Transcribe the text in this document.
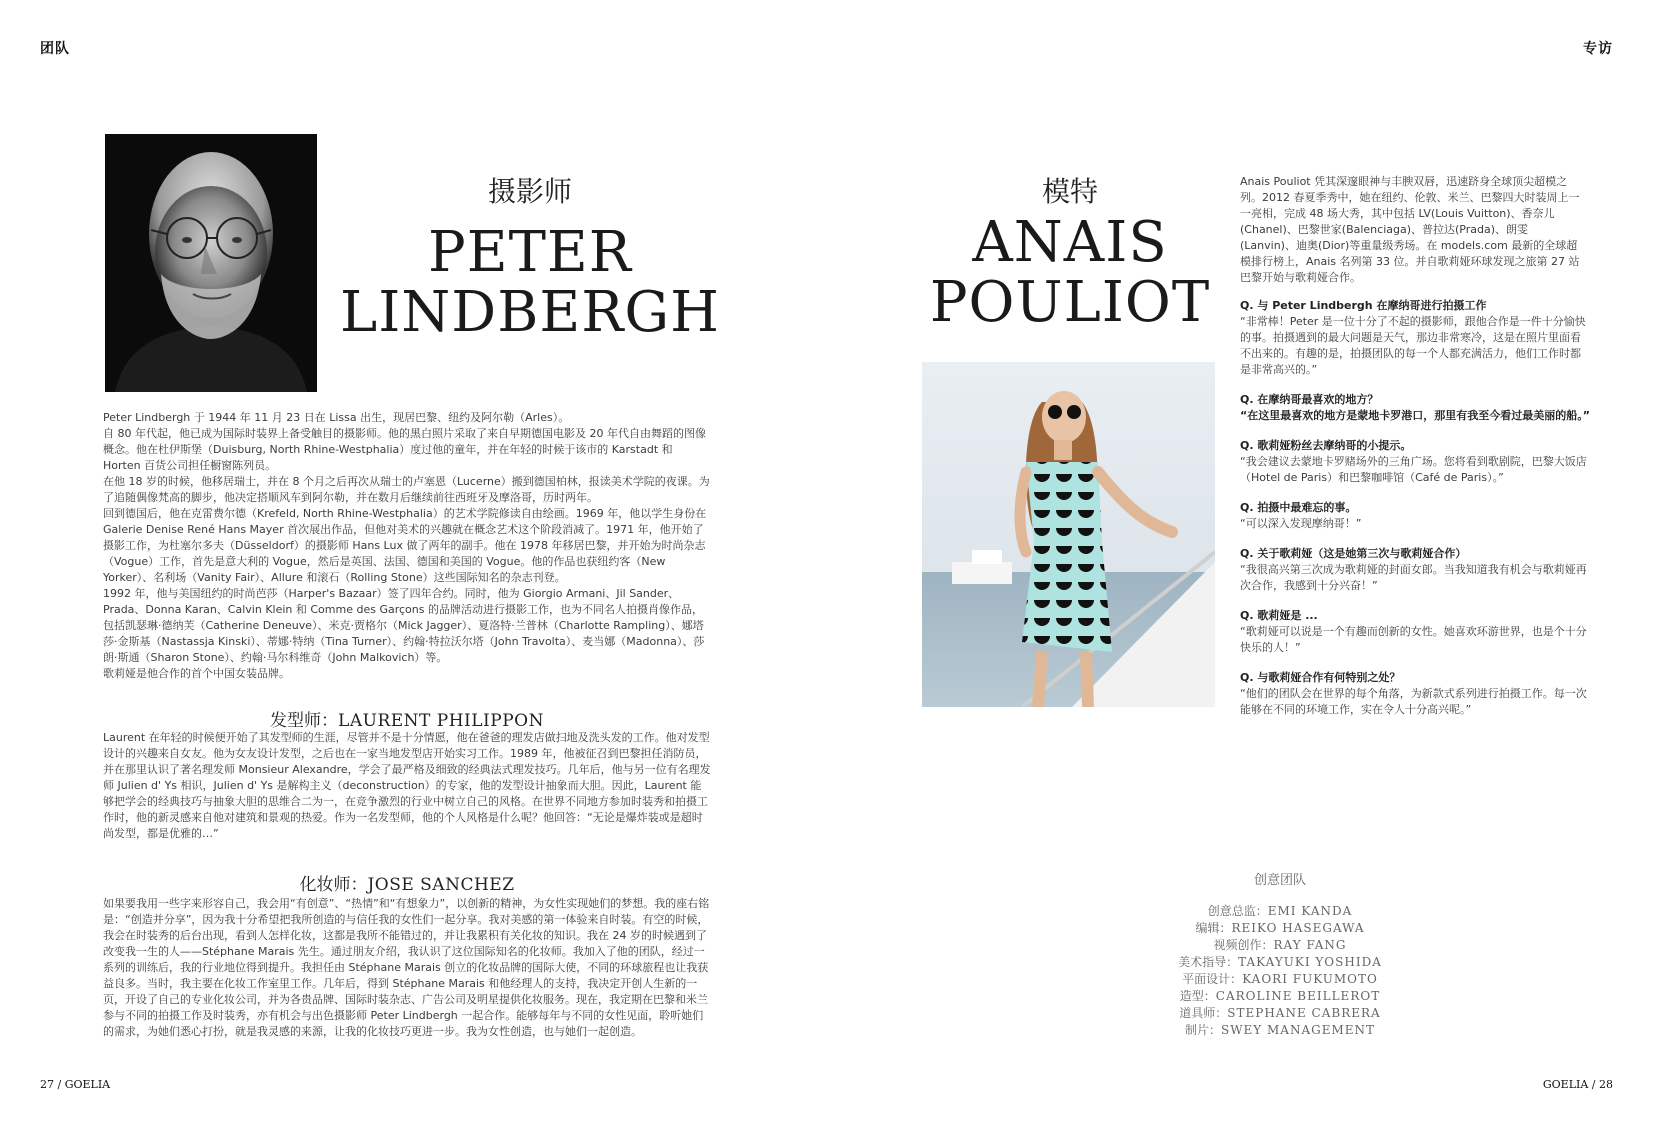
团队	专访
摄影师
PETER
LINDBERGH

Peter Lindbergh 于 1944 年 11 月 23 日在 Lissa 出生，现居巴黎、纽约及阿尔勒（Arles）。

自 80 年代起，他已成为国际时装界上备受触目的摄影师。他的黑白照片采取了来自早期德国电影及 20 年代自由舞蹈的图像概念。他在杜伊斯堡（Duisburg, North Rhine-Westphalia）度过他的童年，并在年轻的时候于该市的 Karstadt 和 Horten 百货公司担任橱窗陈列员。

在他 18 岁的时候，他移居瑞士，并在 8 个月之后再次从瑞士的卢塞恩（Lucerne）搬到德国柏林，报读美术学院的夜课。为了追随偶像梵高的脚步，他决定搭顺风车到阿尔勒，并在数月后继续前往西班牙及摩洛哥，历时两年。

回到德国后，他在克雷费尔德（Krefeld, North Rhine-Westphalia）的艺术学院修读自由绘画。1969 年，他以学生身份在 Galerie Denise René Hans Mayer 首次展出作品，但他对美术的兴趣就在概念艺术这个阶段消减了。1971 年，他开始了摄影工作，为杜塞尔多夫（Düsseldorf）的摄影师 Hans Lux 做了两年的副手。他在 1978 年移居巴黎，并开始为时尚杂志（Vogue）工作，首先是意大利的 Vogue，然后是英国、法国、德国和美国的 Vogue。他的作品也获纽约客（New Yorker）、名利场（Vanity Fair）、Allure 和滚石（Rolling Stone）这些国际知名的杂志刊登。

1992 年，他与美国纽约的时尚芭莎（Harper's Bazaar）签了四年合约。同时，他为 Giorgio Armani、Jil Sander、Prada、Donna Karan、Calvin Klein 和 Comme des Garçons 的品牌活动进行摄影工作，也为不同名人拍摄肖像作品，包括凯瑟琳·德纳芙（Catherine Deneuve）、米克·贾格尔（Mick Jagger）、夏洛特·兰普林（Charlotte Rampling）、娜塔莎·金斯基（Nastassja Kinski）、蒂娜·特纳（Tina Turner）、约翰·特拉沃尔塔（John Travolta）、麦当娜（Madonna）、莎朗·斯通（Sharon Stone）、约翰·马尔科维奇（John Malkovich）等。

歌莉娅是他合作的首个中国女装品牌。

发型师：LAURENT PHILIPPON
Laurent 在年轻的时候便开始了其发型师的生涯，尽管并不是十分情愿，他在爸爸的理发店做扫地及洗头发的工作。他对发型设计的兴趣来自女友。他为女友设计发型，之后也在一家当地发型店开始实习工作。1989 年，他被征召到巴黎担任消防员，并在那里认识了著名理发师 Monsieur Alexandre，学会了最严格及细致的经典法式理发技巧。几年后，他与另一位有名理发师 Julien d' Ys 相识，Julien d' Ys 是解构主义（deconstruction）的专家，他的发型设计抽象而大胆。因此，Laurent 能够把学会的经典技巧与抽象大胆的思维合二为一，在竞争激烈的行业中树立自己的风格。在世界不同地方参加时装秀和拍摄工作时，他的新灵感来自他对建筑和景观的热爱。作为一名发型师，他的个人风格是什么呢？他回答：“无论是爆炸装或是超时尚发型，都是优雅的…”
化妆师：JOSE SANCHEZ
如果要我用一些字来形容自己，我会用“有创意”、“热情”和“有想象力”，以创新的精神，为女性实现她们的梦想。我的座右铭是：“创造并分享”，因为我十分希望把我所创造的与信任我的女性们一起分享。我对美感的第一体验来自时装。有空的时候，我会在时装秀的后台出现，看到人怎样化妆，这都是我所不能错过的，并让我累积有关化妆的知识。我在 24 岁的时候遇到了改变我一生的人——Stéphane Marais 先生。通过朋友介绍，我认识了这位国际知名的化妆师。我加入了他的团队，经过一系列的训练后，我的行业地位得到提升。我担任由 Stéphane Marais 创立的化妆品牌的国际大使，不同的环球旅程也让我获益良多。当时，我主要在化妆工作室里工作。几年后，得到 Stéphane Marais 和他经理人的支持，我决定开创人生新的一页，开设了自己的专业化妆公司，并为各贵品牌、国际时装杂志、广告公司及明星提供化妆服务。现在，我定期在巴黎和米兰参与不同的拍摄工作及时装秀，亦有机会与出色摄影师 Peter Lindbergh 一起合作。能够每年与不同的女性见面，聆听她们的需求，为她们悉心打扮，就是我灵感的来源，让我的化妆技巧更进一步。我为女性创造，也与她们一起创造。
模特
ANAIS
POULIOT
Anais Pouliot 凭其深邃眼神与丰腴双唇，迅速跻身全球顶尖超模之列。2012 春夏季秀中，她在纽约、伦敦、米兰、巴黎四大时装周上一一亮相，完成 48 场大秀，其中包括 LV(Louis Vuitton)、香奈儿(Chanel)、巴黎世家(Balenciaga)、普拉达(Prada)、朗雯(Lanvin)、迪奥(Dior)等重量级秀场。在 models.com 最新的全球超模排行榜上，Anais 名列第 33 位。并自歌莉娅环球发现之旅第 27 站巴黎开始与歌莉娅合作。
Q. 与 Peter Lindbergh 在摩纳哥进行拍摄工作
“非常棒！Peter 是一位十分了不起的摄影师，跟他合作是一件十分愉快的事。拍摄遇到的最大问题是天气，那边非常寒冷，这是在照片里面看不出来的。有趣的是，拍摄团队的每一个人都充满活力，他们工作时都是非常高兴的。”
Q. 在摩纳哥最喜欢的地方？
“在这里最喜欢的地方是蒙地卡罗港口，那里有我至今看过最美丽的船。”
Q. 歌莉娅粉丝去摩纳哥的小提示。
“我会建议去蒙地卡罗赌场外的三角广场。您将看到歌剧院，巴黎大饭店（Hotel de Paris）和巴黎咖啡馆（Café de Paris）。”
Q. 拍摄中最难忘的事。
“可以深入发现摩纳哥！”
Q. 关于歌莉娅（这是她第三次与歌莉娅合作）
“我很高兴第三次成为歌莉娅的封面女郎。当我知道我有机会与歌莉娅再次合作，我感到十分兴奋！”
Q. 歌莉娅是 ...
“歌莉娅可以说是一个有趣而创新的女性。她喜欢环游世界，也是个十分快乐的人！”
Q. 与歌莉娅合作有何特别之处？
“他们的团队会在世界的每个角落，为新款式系列进行拍摄工作。每一次能够在不同的环境工作，实在令人十分高兴呢。”
创意团队
创意总监：EMI KANDA
编辑：REIKO HASEGAWA
视频创作：RAY FANG
美术指导：TAKAYUKI YOSHIDA
平面设计：KAORI FUKUMOTO
造型：CAROLINE BEILLEROT
道具师：STEPHANE CABRERA
制片：SWEY MANAGEMENT
27 / GOELIA	GOELIA / 28
